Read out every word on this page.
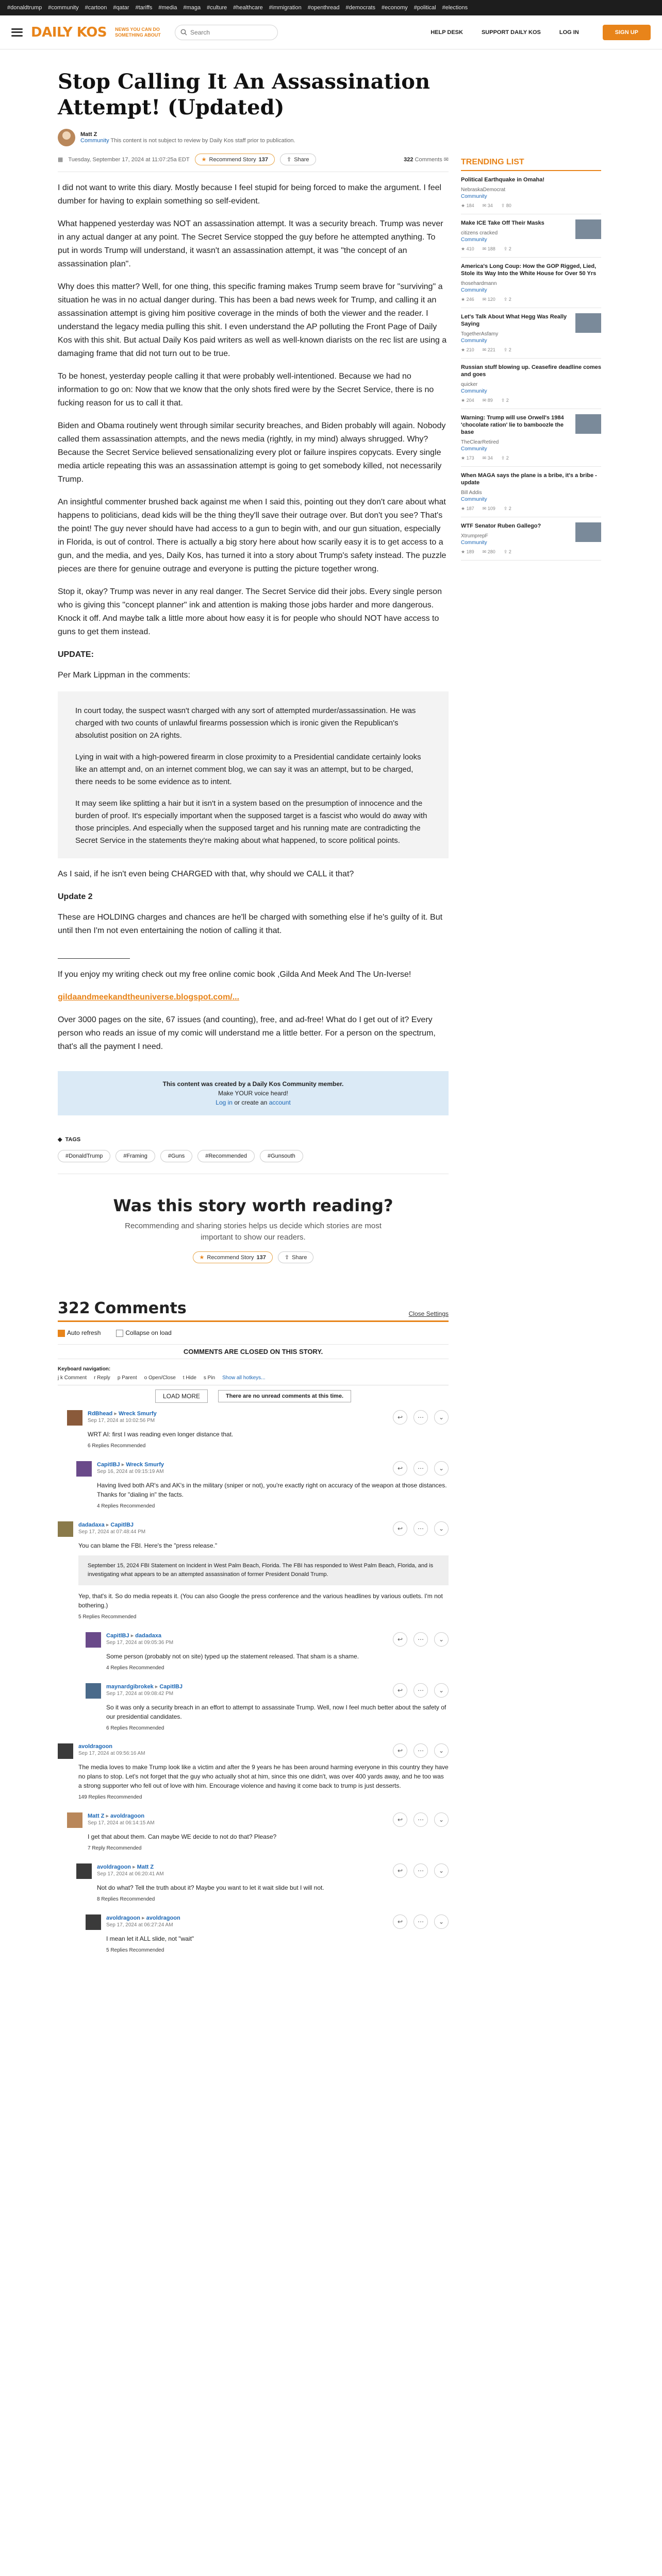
#donaldtrump #community #cartoon #qatar #tariffs #media #maga #culture #healthcare #immigration #openthread #democrats #economy #political #elections
DAILY KOS NEWS YOU CAN DO SOMETHING ABOUT
Search	HELP DESK	SUPPORT DAILY KOS	LOG IN	SIGN UP
Stop Calling It An Assassination Attempt! (Updated)
Matt Z
Community This content is not subject to review by Daily Kos staff prior to publication.
▦ Tuesday, September 17, 2024 at 11:07:25a EDT ★ Recommend Story 137	⇪ Share	322 Comments ✉

I did not want to write this diary. Mostly because I feel stupid for being forced to make the argument. I feel dumber for having to explain something so self-evident.

What happened yesterday was NOT an assassination attempt. It was a security breach. Trump was never in any actual danger at any point. The Secret Service stopped the guy before he attempted anything. To put in words Trump will understand, it wasn't an assassination attempt, it was "the concept of an assassination plan".

Why does this matter? Well, for one thing, this specific framing makes Trump seem brave for "surviving" a situation he was in no actual danger during. This has been a bad news week for Trump, and calling it an assassination attempt is giving him positive coverage in the minds of both the viewer and the reader. I understand the legacy media pulling this shit. I even understand the AP polluting the Front Page of Daily Kos with this shit. But actual Daily Kos paid writers as well as well-known diarists on the rec list are using a damaging frame that did not turn out to be true.

To be honest, yesterday people calling it that were probably well-intentioned. Because we had no information to go on: Now that we know that the only shots fired were by the Secret Service, there is no fucking reason for us to call it that.

Biden and Obama routinely went through similar security breaches, and Biden probably will again. Nobody called them assassination attempts, and the news media (rightly, in my mind) always shrugged. Why? Because the Secret Service believed sensationalizing every plot or failure inspires copycats. Every single media article repeating this was an assassination attempt is going to get somebody killed, not necessarily Trump.

An insightful commenter brushed back against me when I said this, pointing out they don't care about what happens to politicians, dead kids will be the thing they'll save their outrage over. But don't you see? That's the point! The guy never should have had access to a gun to begin with, and our gun situation, especially in Florida, is out of control. There is actually a big story here about how scarily easy it is to get access to a gun, and the media, and yes, Daily Kos, has turned it into a story about Trump's safety instead. The puzzle pieces are there for genuine outrage and everyone is putting the picture together wrong.

Stop it, okay? Trump was never in any real danger. The Secret Service did their jobs. Every single person who is giving this "concept planner" ink and attention is making those jobs harder and more dangerous. Knock it off. And maybe talk a little more about how easy it is for people who should NOT have access to guns to get them instead.

UPDATE:

Per Mark Lippman in the comments:

In court today, the suspect wasn't charged with any sort of attempted murder/assassination. He was charged with two counts of unlawful firearms possession which is ironic given the Republican's absolutist position on 2A rights.

Lying in wait with a high-powered firearm in close proximity to a Presidential candidate certainly looks like an attempt and, on an internet comment blog, we can say it was an attempt, but to be charged, there needs to be some evidence as to intent.

It may seem like splitting a hair but it isn't in a system based on the presumption of innocence and the burden of proof. It's especially important when the supposed target is a fascist who would do away with those principles. And especially when the supposed target and his running mate are contradicting the Secret Service in the statements they're making about what happened, to score political points.

As I said, if he isn't even being CHARGED with that, why should we CALL it that?

Update 2

These are HOLDING charges and chances are he'll be charged with something else if he's guilty of it. But until then I'm not even entertaining the notion of calling it that.

If you enjoy my writing check out my free online comic book ,Gilda And Meek And The Un-Iverse!

gildaandmeekandtheuniverse.blogspot.com/...

Over 3000 pages on the site, 67 issues (and counting), free, and ad-free! What do I get out of it? Every person who reads an issue of my comic will understand me a little better. For a person on the spectrum, that's all the payment I need.

This content was created by a Daily Kos Community member.
Make YOUR voice heard!
Log in or create an account
◆ TAGS
#DonaldTrump	#Framing	#Guns	#Recommended	#Gunsouth
Was this story worth reading?

Recommending and sharing stories helps us decide which stories are most important to show our readers.

★ Recommend Story 137	⇪ Share
322 Comments	Close Settings
Auto refresh	Collapse on load
COMMENTS ARE CLOSED ON THIS STORY.
Keyboard navigation:
j k Comment r Reply p Parent o Open/Close t Hide s Pin Show all hotkeys...
LOAD MORE	There are no unread comments at this time.
RdBhead ▸ Wreck Smurfy
Sep 17, 2024 at 10:02:56 PM
WRT AI: first I was reading even longer distance that.
6 Replies Recommended
↩	⋯	⌄
CapitlBJ ▸ Wreck Smurfy
Sep 16, 2024 at 09:15:19 AM
Having lived both AR's and AK's in the military (sniper or not), you're exactly right on accuracy of the weapon at those distances. Thanks for "dialing in" the facts.
4 Replies Recommended
↩	⋯	⌄
dadadaxa ▸ CapitlBJ
Sep 17, 2024 at 07:48:44 PM
You can blame the FBI. Here's the "press release."
September 15, 2024 FBI Statement on Incident in West Palm Beach, Florida. The FBI has responded to West Palm Beach, Florida, and is investigating what appears to be an attempted assassination of former President Donald Trump.
Yep, that's it. So do media repeats it. (You can also Google the press conference and the various headlines by various outlets. I'm not bothering.)
5 Replies Recommended
↩	⋯	⌄
CapitlBJ ▸ dadadaxa
Sep 17, 2024 at 09:05:36 PM
Some person (probably not on site) typed up the statement released. That sham is a shame.
4 Replies Recommended
↩	⋯	⌄
maynardgibrokek ▸ CapitlBJ
Sep 17, 2024 at 09:08:42 PM
So it was only a security breach in an effort to attempt to assassinate Trump. Well, now I feel much better about the safety of our presidential candidates.
6 Replies Recommended
↩	⋯	⌄
avoldragoon
Sep 17, 2024 at 09:56:16 AM
The media loves to make Trump look like a victim and after the 9 years he has been around harming everyone in this country they have no plans to stop. Let's not forget that the guy who actually shot at him, since this one didn't, was over 400 yards away, and he too was a strong supporter who fell out of love with him. Encourage violence and having it come back to trump is just desserts.
149 Replies Recommended
↩	⋯	⌄
Matt Z ▸ avoldragoon
Sep 17, 2024 at 06:14:15 AM
I get that about them. Can maybe WE decide to not do that? Please?
7 Reply Recommended
↩	⋯	⌄
avoldragoon ▸ Matt Z
Sep 17, 2024 at 06:20:41 AM
Not do what? Tell the truth about it? Maybe you want to let it wait slide but I will not.
8 Replies Recommended
↩	⋯	⌄
avoldragoon ▸ avoldragoon
Sep 17, 2024 at 06:27:24 AM
I mean let it ALL slide, not "wait"
5 Replies Recommended
↩	⋯	⌄
TRENDING LIST
Political Earthquake in Omaha!
NebraskaDemocrat
Community
★ 184 ✉ 34 ⇪ 80
Make ICE Take Off Their Masks
citizens cracked
Community
★ 410 ✉ 188 ⇪ 2
America's Long Coup: How the GOP Rigged, Lied, Stole its Way Into the White House for Over 50 Yrs
thosehardmann
Community
★ 246 ✉ 120 ⇪ 2
Let's Talk About What Hegg Was Really Saying
TogetherAsfamy
Community
★ 210 ✉ 221 ⇪ 2
Russian stuff blowing up. Ceasefire deadline comes and goes
quicker
Community
★ 204 ✉ 89 ⇪ 2
Warning: Trump will use Orwell's 1984 'chocolate ration' lie to bamboozle the base
TheClearRetired
Community
★ 173 ✉ 34 ⇪ 2
When MAGA says the plane is a bribe, it's a bribe - update
Bill Addis
Community
★ 187 ✉ 109 ⇪ 2
WTF Senator Ruben Gallego?
XtrumprepF
Community
★ 189 ✉ 280 ⇪ 2
